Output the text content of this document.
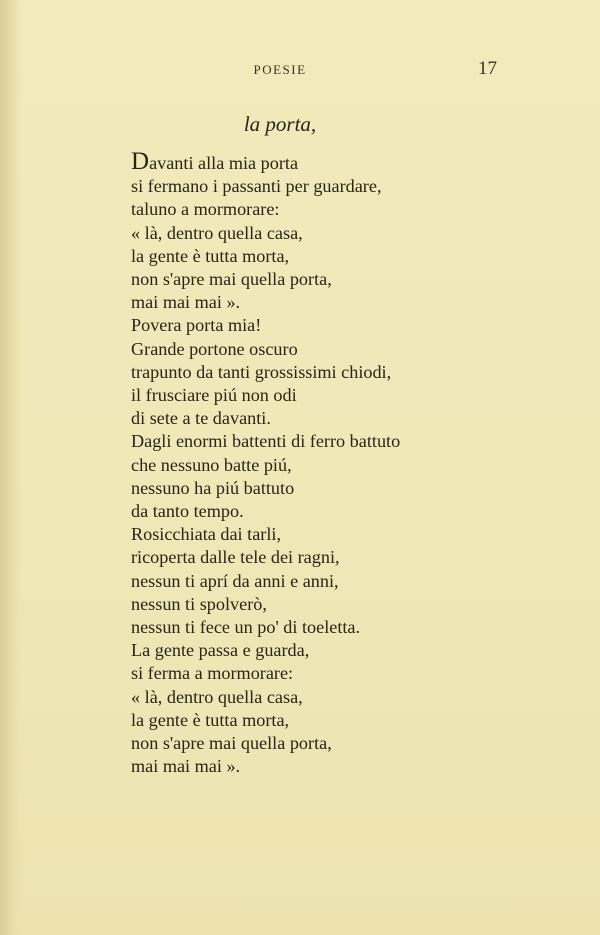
POESIE	17
la porta,
Davanti alla mia porta
si fermano i passanti per guardare,
taluno a mormorare:
« là, dentro quella casa,
la gente è tutta morta,
non s'apre mai quella porta,
mai mai mai ».
Povera porta mia!
Grande portone oscuro
trapunto da tanti grossissimi chiodi,
il frusciare piú non odi
di sete a te davanti.
Dagli enormi battenti di ferro battuto
che nessuno batte piú,
nessuno ha piú battuto
da tanto tempo.
Rosicchiata dai tarli,
ricoperta dalle tele dei ragni,
nessun ti aprí da anni e anni,
nessun ti spolverò,
nessun ti fece un po' di toeletta.
La gente passa e guarda,
si ferma a mormorare:
« là, dentro quella casa,
la gente è tutta morta,
non s'apre mai quella porta,
mai mai mai ».
